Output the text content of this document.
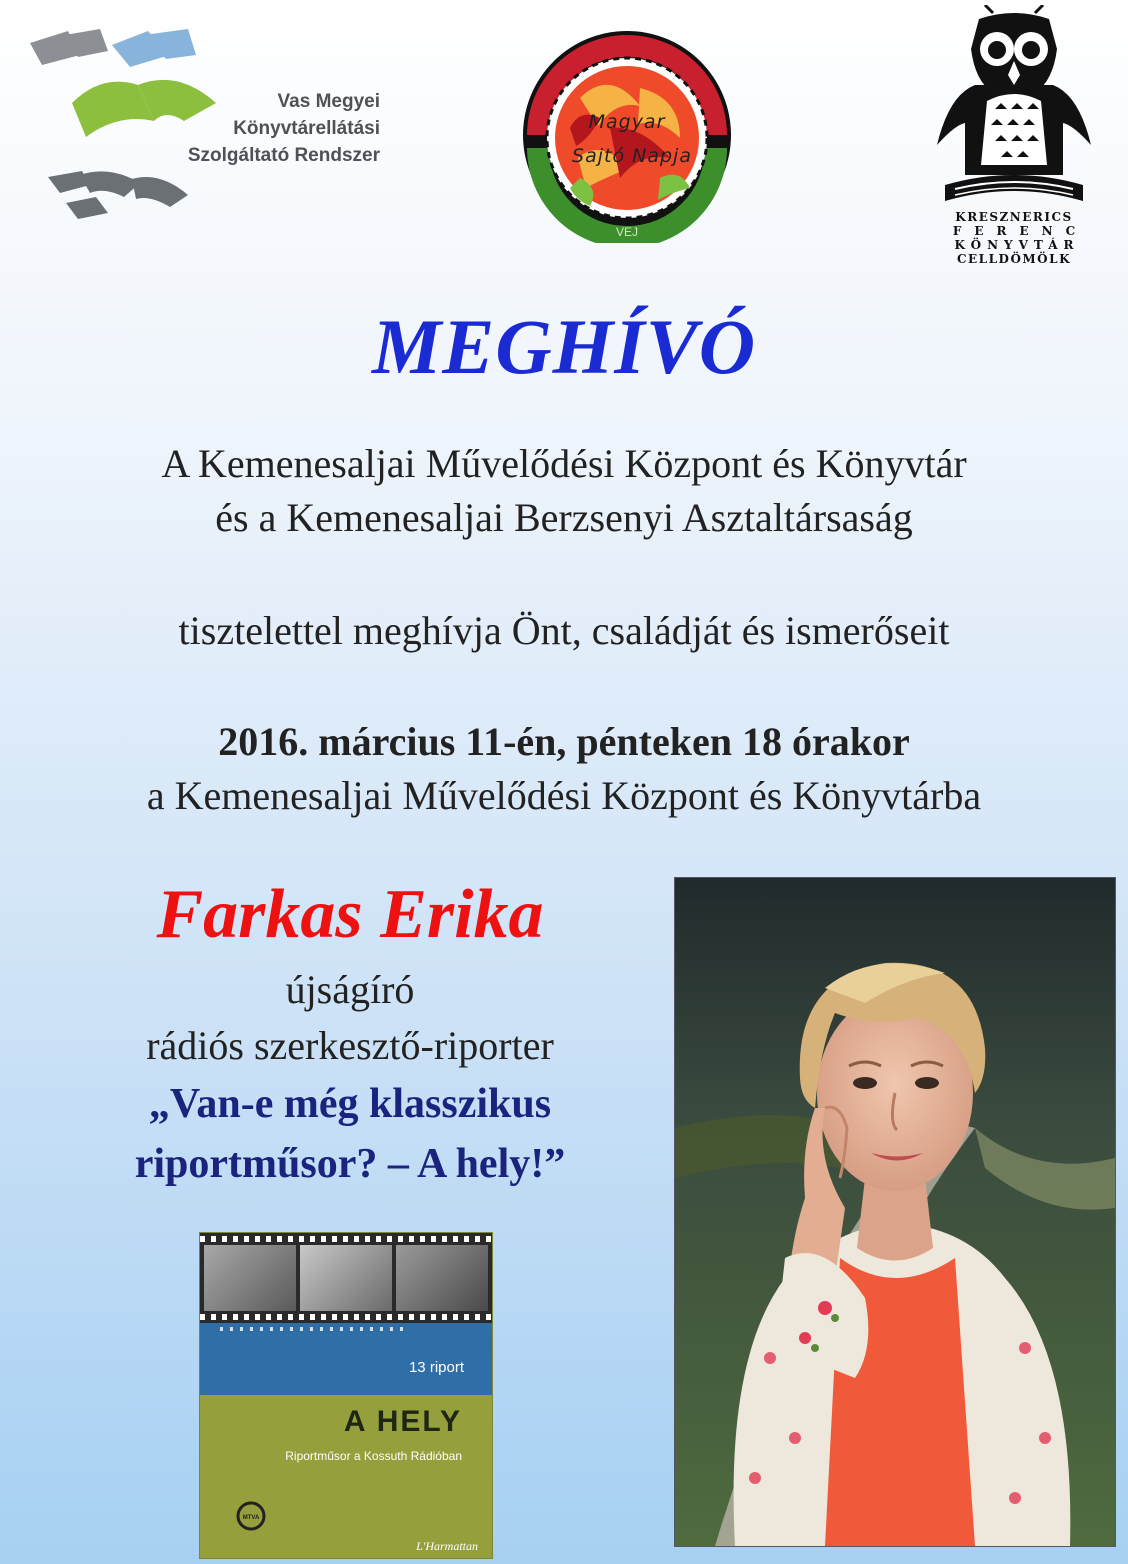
Vas Megyei
Könyvtárellátási
Szolgáltató Rendszer
Magyar
Sajtó Napja
VEJ
KRESZNERICS
FERENC
KÖNYVTÁR
CELLDÖMÖLK
MEGHÍVÓ
A Kemenesaljai Művelődési Központ és Könyvtár
és a Kemenesaljai Berzsenyi Asztaltársaság
tisztelettel meghívja Önt, családját és ismerőseit
2016. március 11-én, pénteken 18 órakor
a Kemenesaljai Művelődési Központ és Könyvtárba
Farkas Erika
újságíró
rádiós szerkesztő-riporter
„Van-e még klasszikus
riportműsor? – A hely!”
13 riport
A HELY
Riportműsor a Kossuth Rádióban
MTVA
L'Harmattan
